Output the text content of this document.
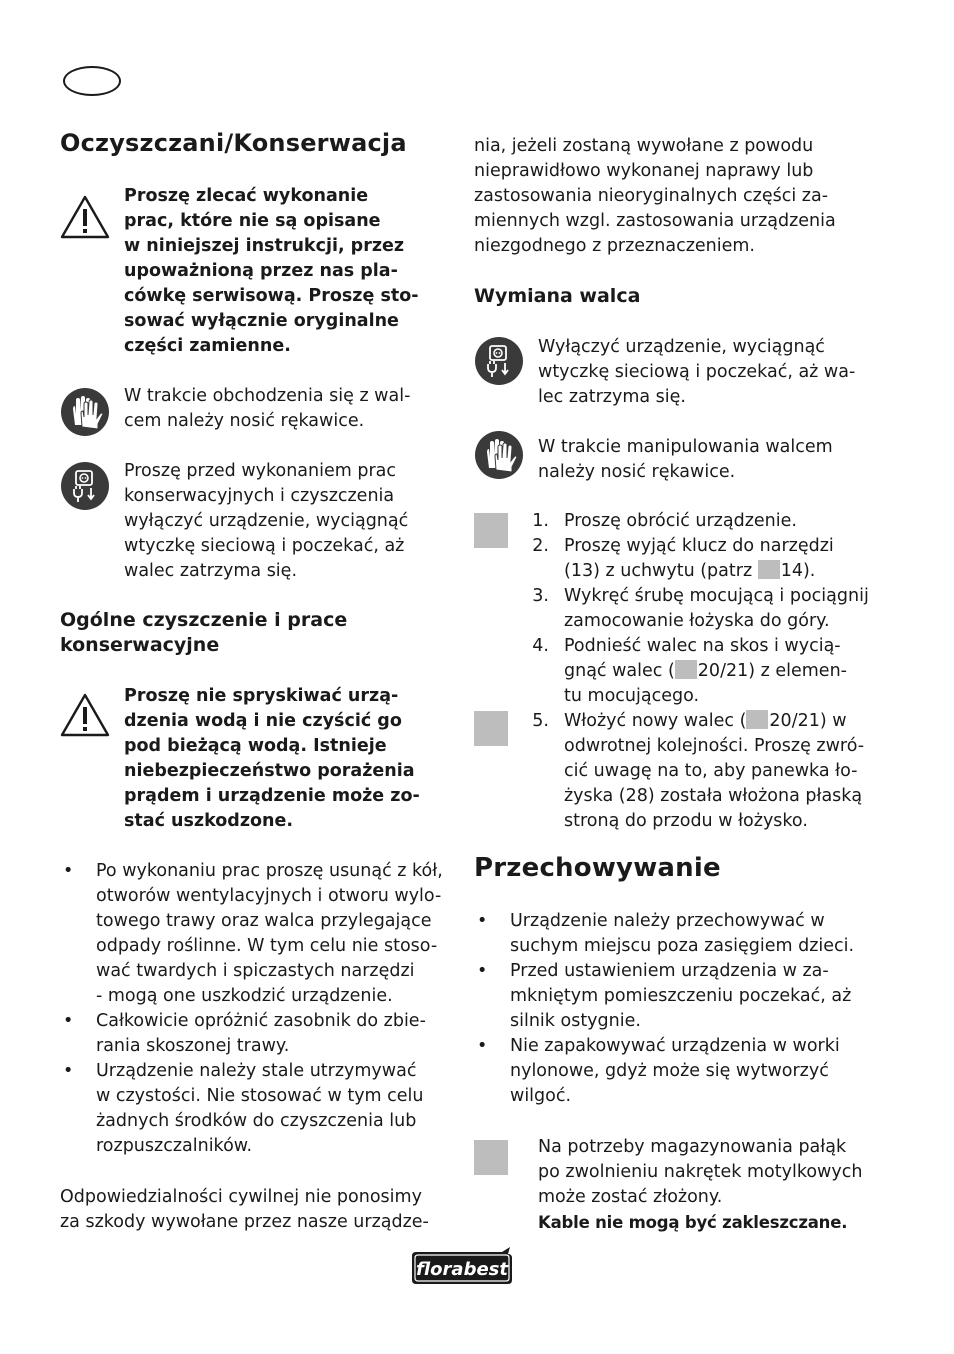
Oczyszczani/Konserwacja
Proszę zlecać wykonanie
prac, które nie są opisane
w niniejszej instrukcji, przez
upoważnioną przez nas pla-
cówkę serwisową. Proszę sto-
sować wyłącznie oryginalne
części zamienne.
W trakcie obchodzenia się z wal-
cem należy nosić rękawice.
Proszę przed wykonaniem prac
konserwacyjnych i czyszczenia
wyłączyć urządzenie, wyciągnąć
wtyczkę sieciową i poczekać, aż
walec zatrzyma się.
Ogólne czyszczenie i prace
konserwacyjne
Proszę nie spryskiwać urzą-
dzenia wodą i nie czyścić go
pod bieżącą wodą. Istnieje
niebezpieczeństwo porażenia
prądem i urządzenie może zo-
stać uszkodzone.
• Po wykonaniu prac proszę usunąć z kół,
otworów wentylacyjnych i otworu wylo-
towego trawy oraz walca przylegające
odpady roślinne. W tym celu nie stoso-
wać twardych i spiczastych narzędzi
- mogą one uszkodzić urządzenie.
• Całkowicie opróżnić zasobnik do zbie-
rania skoszonej trawy.
• Urządzenie należy stale utrzymywać
w czystości. Nie stosować w tym celu
żadnych środków do czyszczenia lub
rozpuszczalników.
Odpowiedzialności cywilnej nie ponosimy
za szkody wywołane przez nasze urządze-
nia, jeżeli zostaną wywołane z powodu
nieprawidłowo wykonanej naprawy lub
zastosowania nieoryginalnych części za-
miennych wzgl. zastosowania urządzenia
niezgodnego z przeznaczeniem.
Wymiana walca
Wyłączyć urządzenie, wyciągnąć
wtyczkę sieciową i poczekać, aż wa-
lec zatrzyma się.
W trakcie manipulowania walcem
należy nosić rękawice.
1. Proszę obrócić urządzenie.
2. Proszę wyjąć klucz do narzędzi
(13) z uchwytu (patrz 14).
3. Wykręć śrubę mocującą i pociągnij
zamocowanie łożyska do góry.
4. Podnieść walec na skos i wycią-
gnąć walec ( 20/21) z elemen-
tu mocującego.
5. Włożyć nowy walec ( 20/21) w
odwrotnej kolejności. Proszę zwró-
cić uwagę na to, aby panewka ło-
żyska (28) została włożona płaską
stroną do przodu w łożysko.
Przechowywanie
• Urządzenie należy przechowywać w
suchym miejscu poza zasięgiem dzieci.
• Przed ustawieniem urządzenia w za-
mkniętym pomieszczeniu poczekać, aż
silnik ostygnie.
• Nie zapakowywać urządzenia w worki
nylonowe, gdyż może się wytworzyć
wilgoć.
Na potrzeby magazynowania pałąk
po zwolnieniu nakrętek motylkowych
może zostać złożony.
Kable nie mogą być zakleszczane.
florabest
